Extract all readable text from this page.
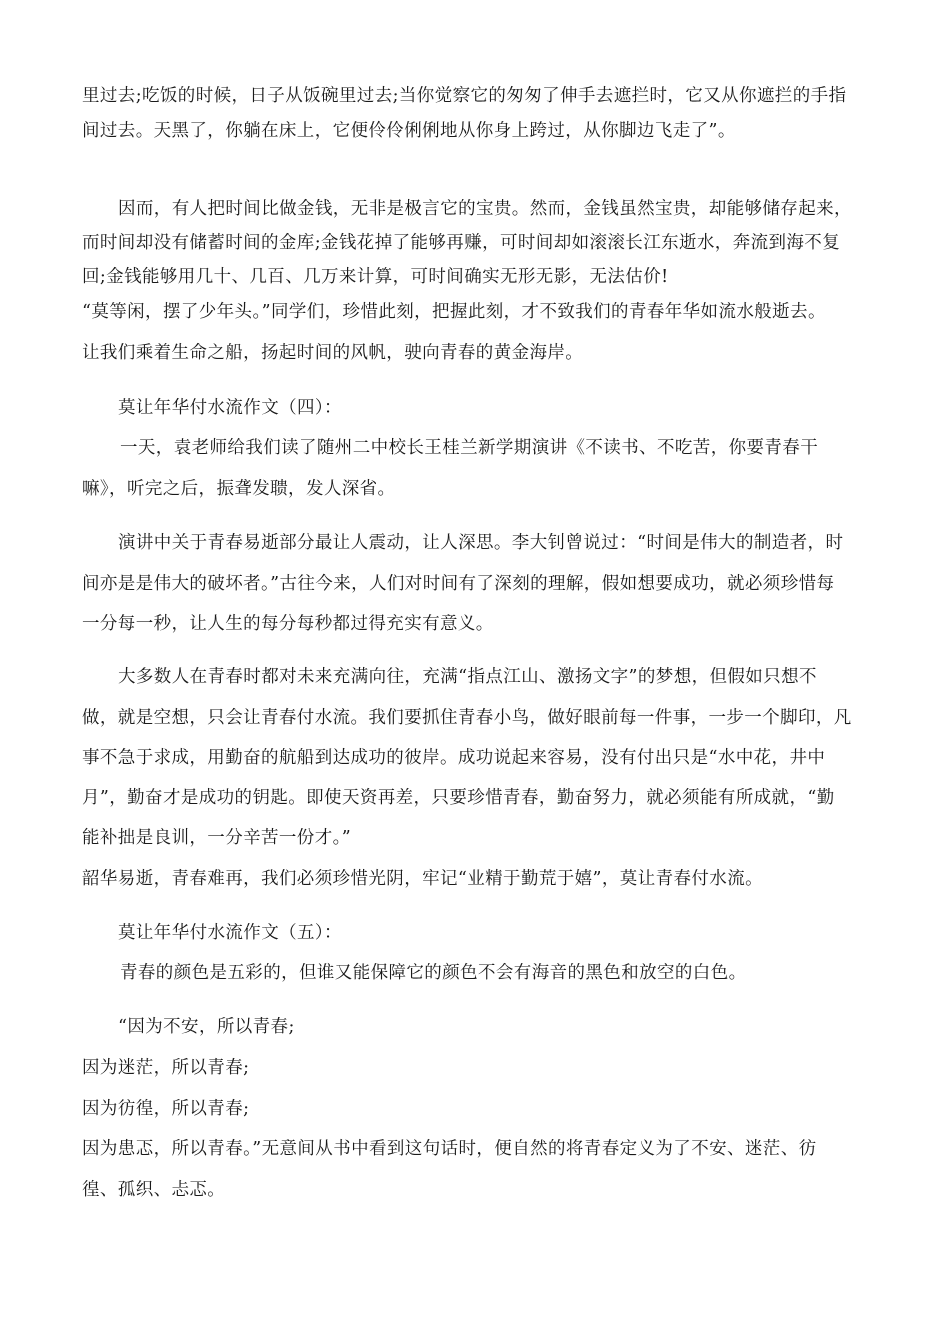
里过去;吃饭的时候，日子从饭碗里过去;当你觉察它的匆匆了伸手去遮拦时，它又从你遮拦的手指
间过去。天黑了，你躺在床上，它便伶伶俐俐地从你身上跨过，从你脚边飞走了”。
因而，有人把时间比做金钱，无非是极言它的宝贵。然而，金钱虽然宝贵，却能够储存起来，
而时间却没有储蓄时间的金库;金钱花掉了能够再赚，可时间却如滚滚长江东逝水，奔流到海不复
回;金钱能够用几十、几百、几万来计算，可时间确实无形无影，无法估价!
“莫等闲，摆了少年头。”同学们，珍惜此刻，把握此刻，才不致我们的青春年华如流水般逝去。
让我们乘着生命之船，扬起时间的风帆，驶向青春的黄金海岸。
莫让年华付水流作文（四）：
一天，袁老师给我们读了随州二中校长王桂兰新学期演讲《不读书、不吃苦，你要青春干
嘛》，听完之后，振聋发聩，发人深省。
演讲中关于青春易逝部分最让人震动，让人深思。李大钊曾说过：“时间是伟大的制造者，时
间亦是是伟大的破坏者。”古往今来，人们对时间有了深刻的理解，假如想要成功，就必须珍惜每
一分每一秒，让人生的每分每秒都过得充实有意义。
大多数人在青春时都对未来充满向往，充满“指点江山、激扬文字”的梦想，但假如只想不
做，就是空想，只会让青春付水流。我们要抓住青春小鸟，做好眼前每一件事，一步一个脚印，凡
事不急于求成，用勤奋的航船到达成功的彼岸。成功说起来容易，没有付出只是“水中花，井中
月”，勤奋才是成功的钥匙。即使天资再差，只要珍惜青春，勤奋努力，就必须能有所成就，“勤
能补拙是良训，一分辛苦一份才。”
韶华易逝，青春难再，我们必须珍惜光阴，牢记“业精于勤荒于嬉”，莫让青春付水流。
莫让年华付水流作文（五）：
青春的颜色是五彩的，但谁又能保障它的颜色不会有海音的黑色和放空的白色。
“因为不安，所以青春;
因为迷茫，所以青春;
因为彷徨，所以青春;
因为患忑，所以青春。”无意间从书中看到这句话时，便自然的将青春定义为了不安、迷茫、彷
徨、孤织、忐忑。
